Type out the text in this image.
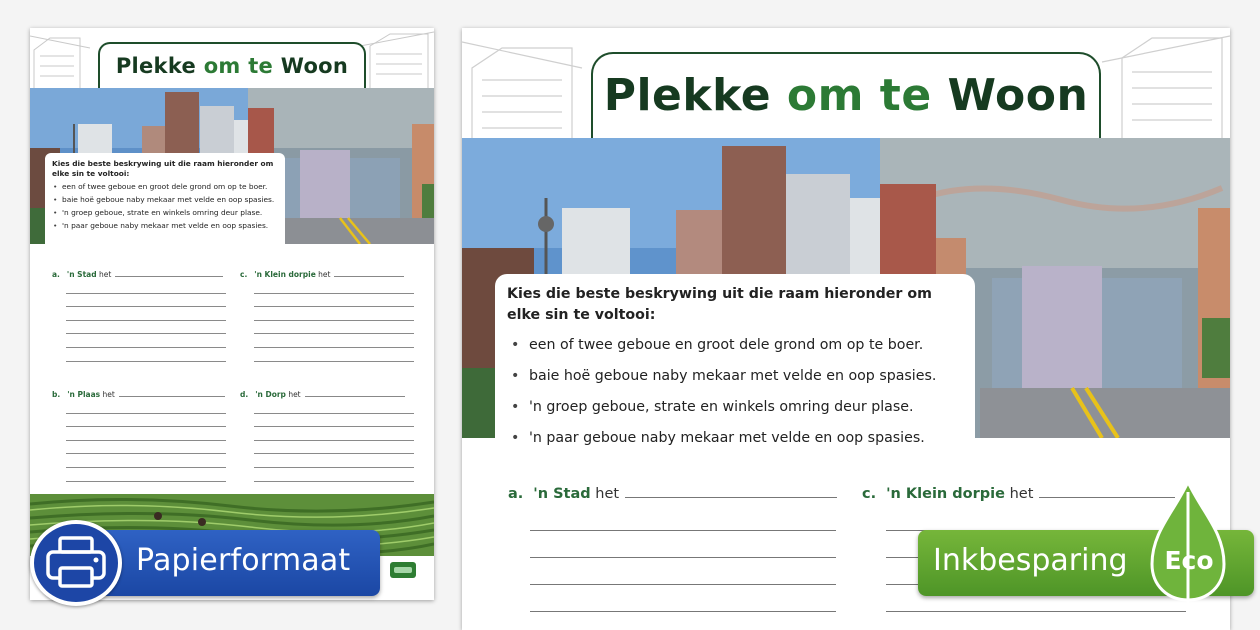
Plekke om te Woon
Kies die beste beskrywing uit die raam hieronder om elke sin te voltooi:
• een of twee geboue en groot dele grond om op te boer.
• baie hoë geboue naby mekaar met velde en oop spasies.
• 'n groep geboue, strate en winkels omring deur plase.
• 'n paar geboue naby mekaar met velde en oop spasies.
a. 'n Stad het	c. 'n Klein dorpie het
b. 'n Plaas het	d. 'n Dorp het
Plekke om te Woon
Kies die beste beskrywing uit die raam hieronder om elke sin te voltooi:
• een of twee geboue en groot dele grond om op te boer.
• baie hoë geboue naby mekaar met velde en oop spasies.
• 'n groep geboue, strate en winkels omring deur plase.
• 'n paar geboue naby mekaar met velde en oop spasies.
a. 'n Stad het	c. 'n Klein dorpie het
Papierformaat	Inkbesparing Eco
